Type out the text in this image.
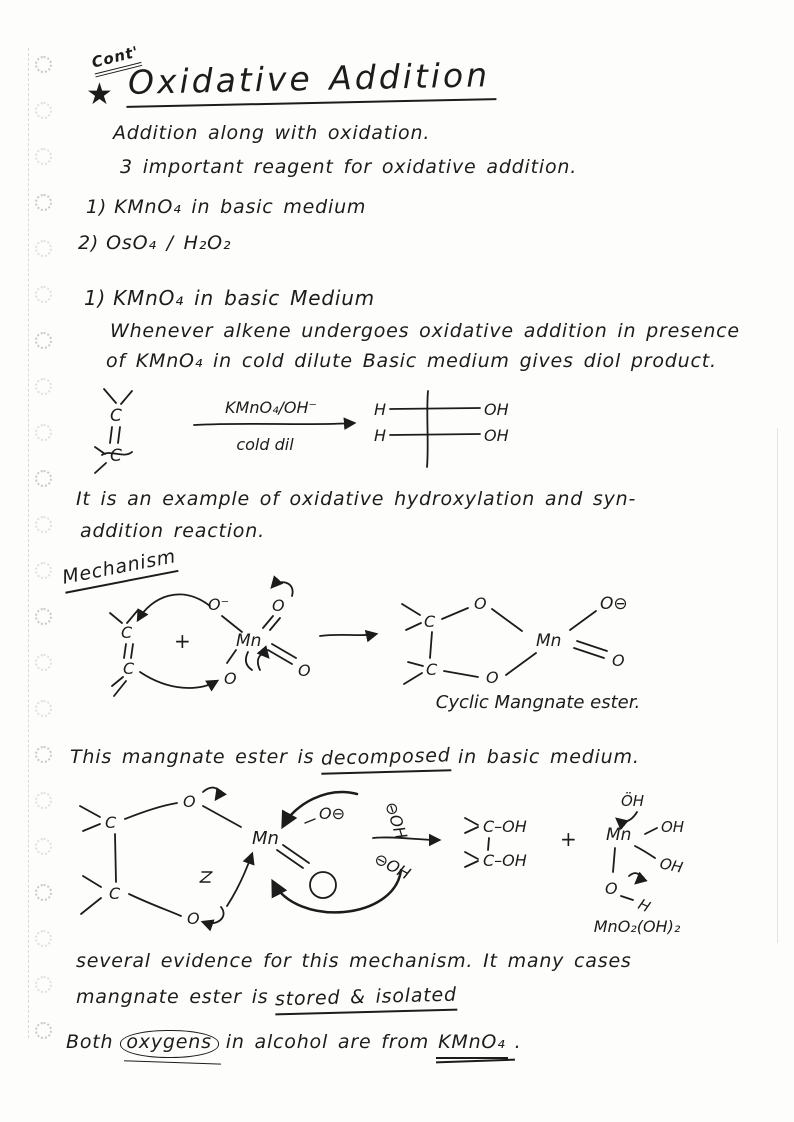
Cont'
★ Oxidative Addition
Addition along with oxidation.
3 important reagent for oxidative addition.
1) KMnO₄ in basic medium
2) OsO₄ / H₂O₂
1) KMnO₄ in basic Medium
Whenever alkene undergoes oxidative addition in presence
of KMnO₄ in cold dilute Basic medium gives diol product.
C
C
KMnO₄/OH⁻
cold dil
H
H
OH
OH
It is an example of oxidative hydroxylation and syn-
addition reaction.
Mechanism
C
C
+
O⁻
Mn
O
O	O
C
C
O
Mn
O
O⊖
O
Cyclic Mangnate ester.
This mangnate ester is decomposed in basic medium.
C
C
O
Mn
O
O⊖ ⊖OH
⊖OH
C–OH
C–OH
+
ÖH
Mn OH
OH
O
H
MnO₂(OH)₂
several evidence for this mechanism. It many cases
mangnate ester is stored & isolated
Both oxygens in alcohol are from KMnO₄ .
